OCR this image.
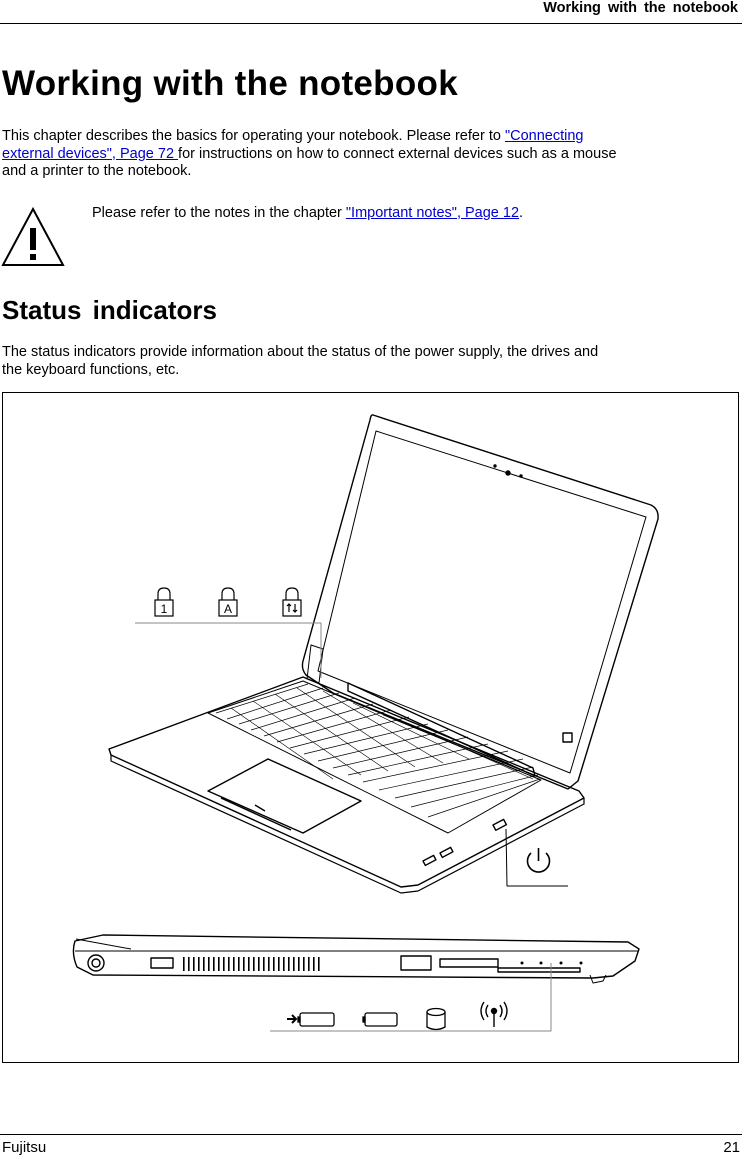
Working with the notebook
Working with the notebook

This chapter describes the basics for operating your notebook. Please refer to "Connecting external devices", Page 72 for instructions on how to connect external devices such as a mouse and a printer to the notebook.

Please refer to the notes in the chapter "Important notes", Page 12.
Status indicators

The status indicators provide information about the status of the power supply, the drives and the keyboard functions, etc.

1	A
Fujitsu	21
